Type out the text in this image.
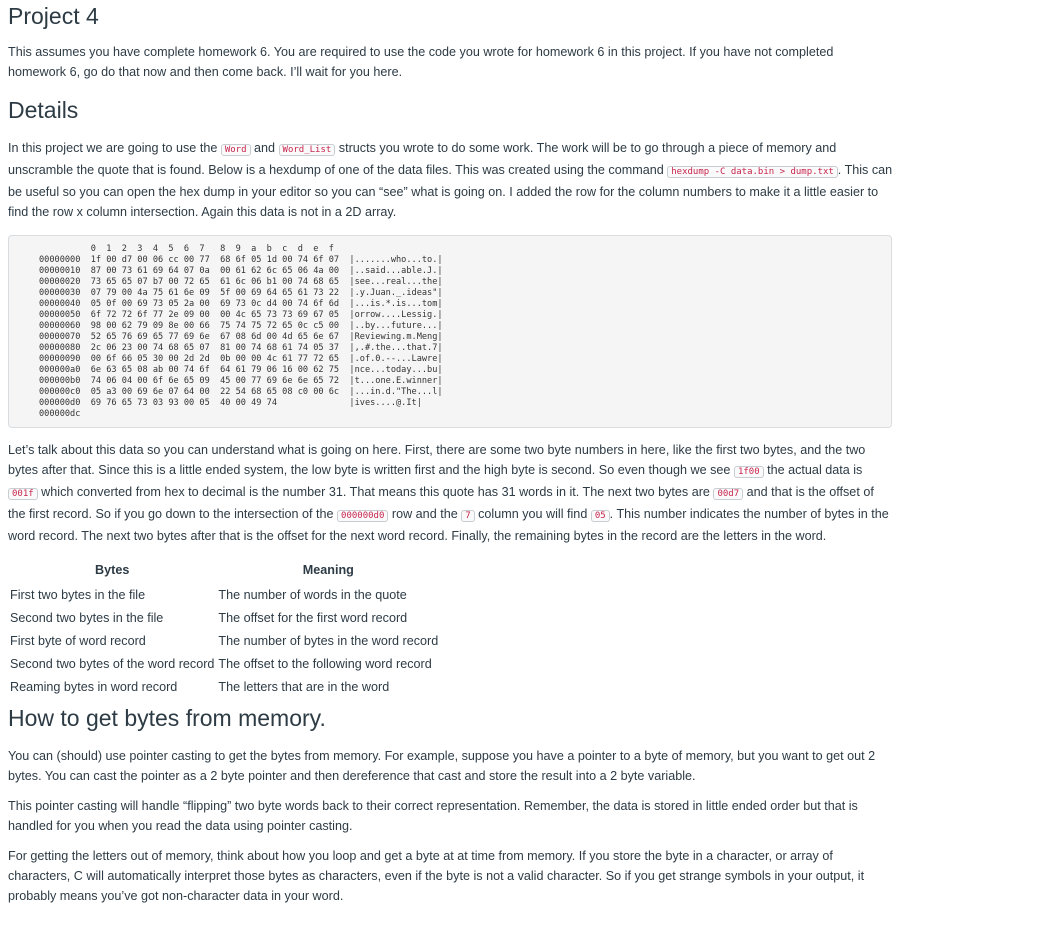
Project 4

This assumes you have complete homework 6. You are required to use the code you wrote for homework 6 in this project. If you have not completed homework 6, go do that now and then come back. I’ll wait for you here.

Details

In this project we are going to use the Word and Word_List structs you wrote to do some work. The work will be to go through a piece of memory and unscramble the quote that is found. Below is a hexdump of one of the data files. This was created using the command hexdump -C data.bin > dump.txt . This can be useful so you can open the hex dump in your editor so you can “see” what is going on. I added the row for the column numbers to make it a little easier to find the row x column intersection. Again this data is not in a 2D array.

0  1  2  3  4  5  6  7   8  9  a  b  c  d  e  f
00000000  1f 00 d7 00 06 cc 00 77  68 6f 05 1d 00 74 6f 07  |.......who...to.|
00000010  87 00 73 61 69 64 07 0a  00 61 62 6c 65 06 4a 00  |..said...able.J.|
00000020  73 65 65 07 b7 00 72 65  61 6c 06 b1 00 74 68 65  |see...real...the|
00000030  07 79 00 4a 75 61 6e 09  5f 00 69 64 65 61 73 22  |.y.Juan._.ideas"|
00000040  05 0f 00 69 73 05 2a 00  69 73 0c d4 00 74 6f 6d  |...is.*.is...tom|
00000050  6f 72 72 6f 77 2e 09 00  00 4c 65 73 73 69 67 05  |orrow....Lessig.|
00000060  98 00 62 79 09 8e 00 66  75 74 75 72 65 0c c5 00  |..by...future...|
00000070  52 65 76 69 65 77 69 6e  67 08 6d 00 4d 65 6e 67  |Reviewing.m.Meng|
00000080  2c 06 23 00 74 68 65 07  81 00 74 68 61 74 05 37  |,.#.the...that.7|
00000090  00 6f 66 05 30 00 2d 2d  0b 00 00 4c 61 77 72 65  |.of.0.--...Lawre|
000000a0  6e 63 65 08 ab 00 74 6f  64 61 79 06 16 00 62 75  |nce...today...bu|
000000b0  74 06 04 00 6f 6e 65 09  45 00 77 69 6e 6e 65 72  |t...one.E.winner|
000000c0  05 a3 00 69 6e 07 64 00  22 54 68 65 08 c0 00 6c  |...in.d."The...l|
000000d0  69 76 65 73 03 93 00 05  40 00 49 74              |ives....@.It|
000000dc

Let’s talk about this data so you can understand what is going on here. First, there are some two byte numbers in here, like the first two bytes, and the two bytes after that. Since this is a little ended system, the low byte is written first and the high byte is second. So even though we see 1f00 the actual data is 001f which converted from hex to decimal is the number 31. That means this quote has 31 words in it. The next two bytes are 00d7 and that is the offset of the first record. So if you go down to the intersection of the 000000d0 row and the 7 column you will find 05 . This number indicates the number of bytes in the word record. The next two bytes after that is the offset for the next word record. Finally, the remaining bytes in the record are the letters in the word.

Bytes	Meaning
First two bytes in the file	The number of words in the quote
Second two bytes in the file	The offset for the first word record
First byte of word record	The number of bytes in the word record
Second two bytes of the word record	The offset to the following word record
Reaming bytes in word record	The letters that are in the word
How to get bytes from memory.

You can (should) use pointer casting to get the bytes from memory. For example, suppose you have a pointer to a byte of memory, but you want to get out 2 bytes. You can cast the pointer as a 2 byte pointer and then dereference that cast and store the result into a 2 byte variable.

This pointer casting will handle “flipping” two byte words back to their correct representation. Remember, the data is stored in little ended order but that is handled for you when you read the data using pointer casting.

For getting the letters out of memory, think about how you loop and get a byte at at time from memory. If you store the byte in a character, or array of characters, C will automatically interpret those bytes as characters, even if the byte is not a valid character. So if you get strange symbols in your output, it probably means you’ve got non-character data in your word.
